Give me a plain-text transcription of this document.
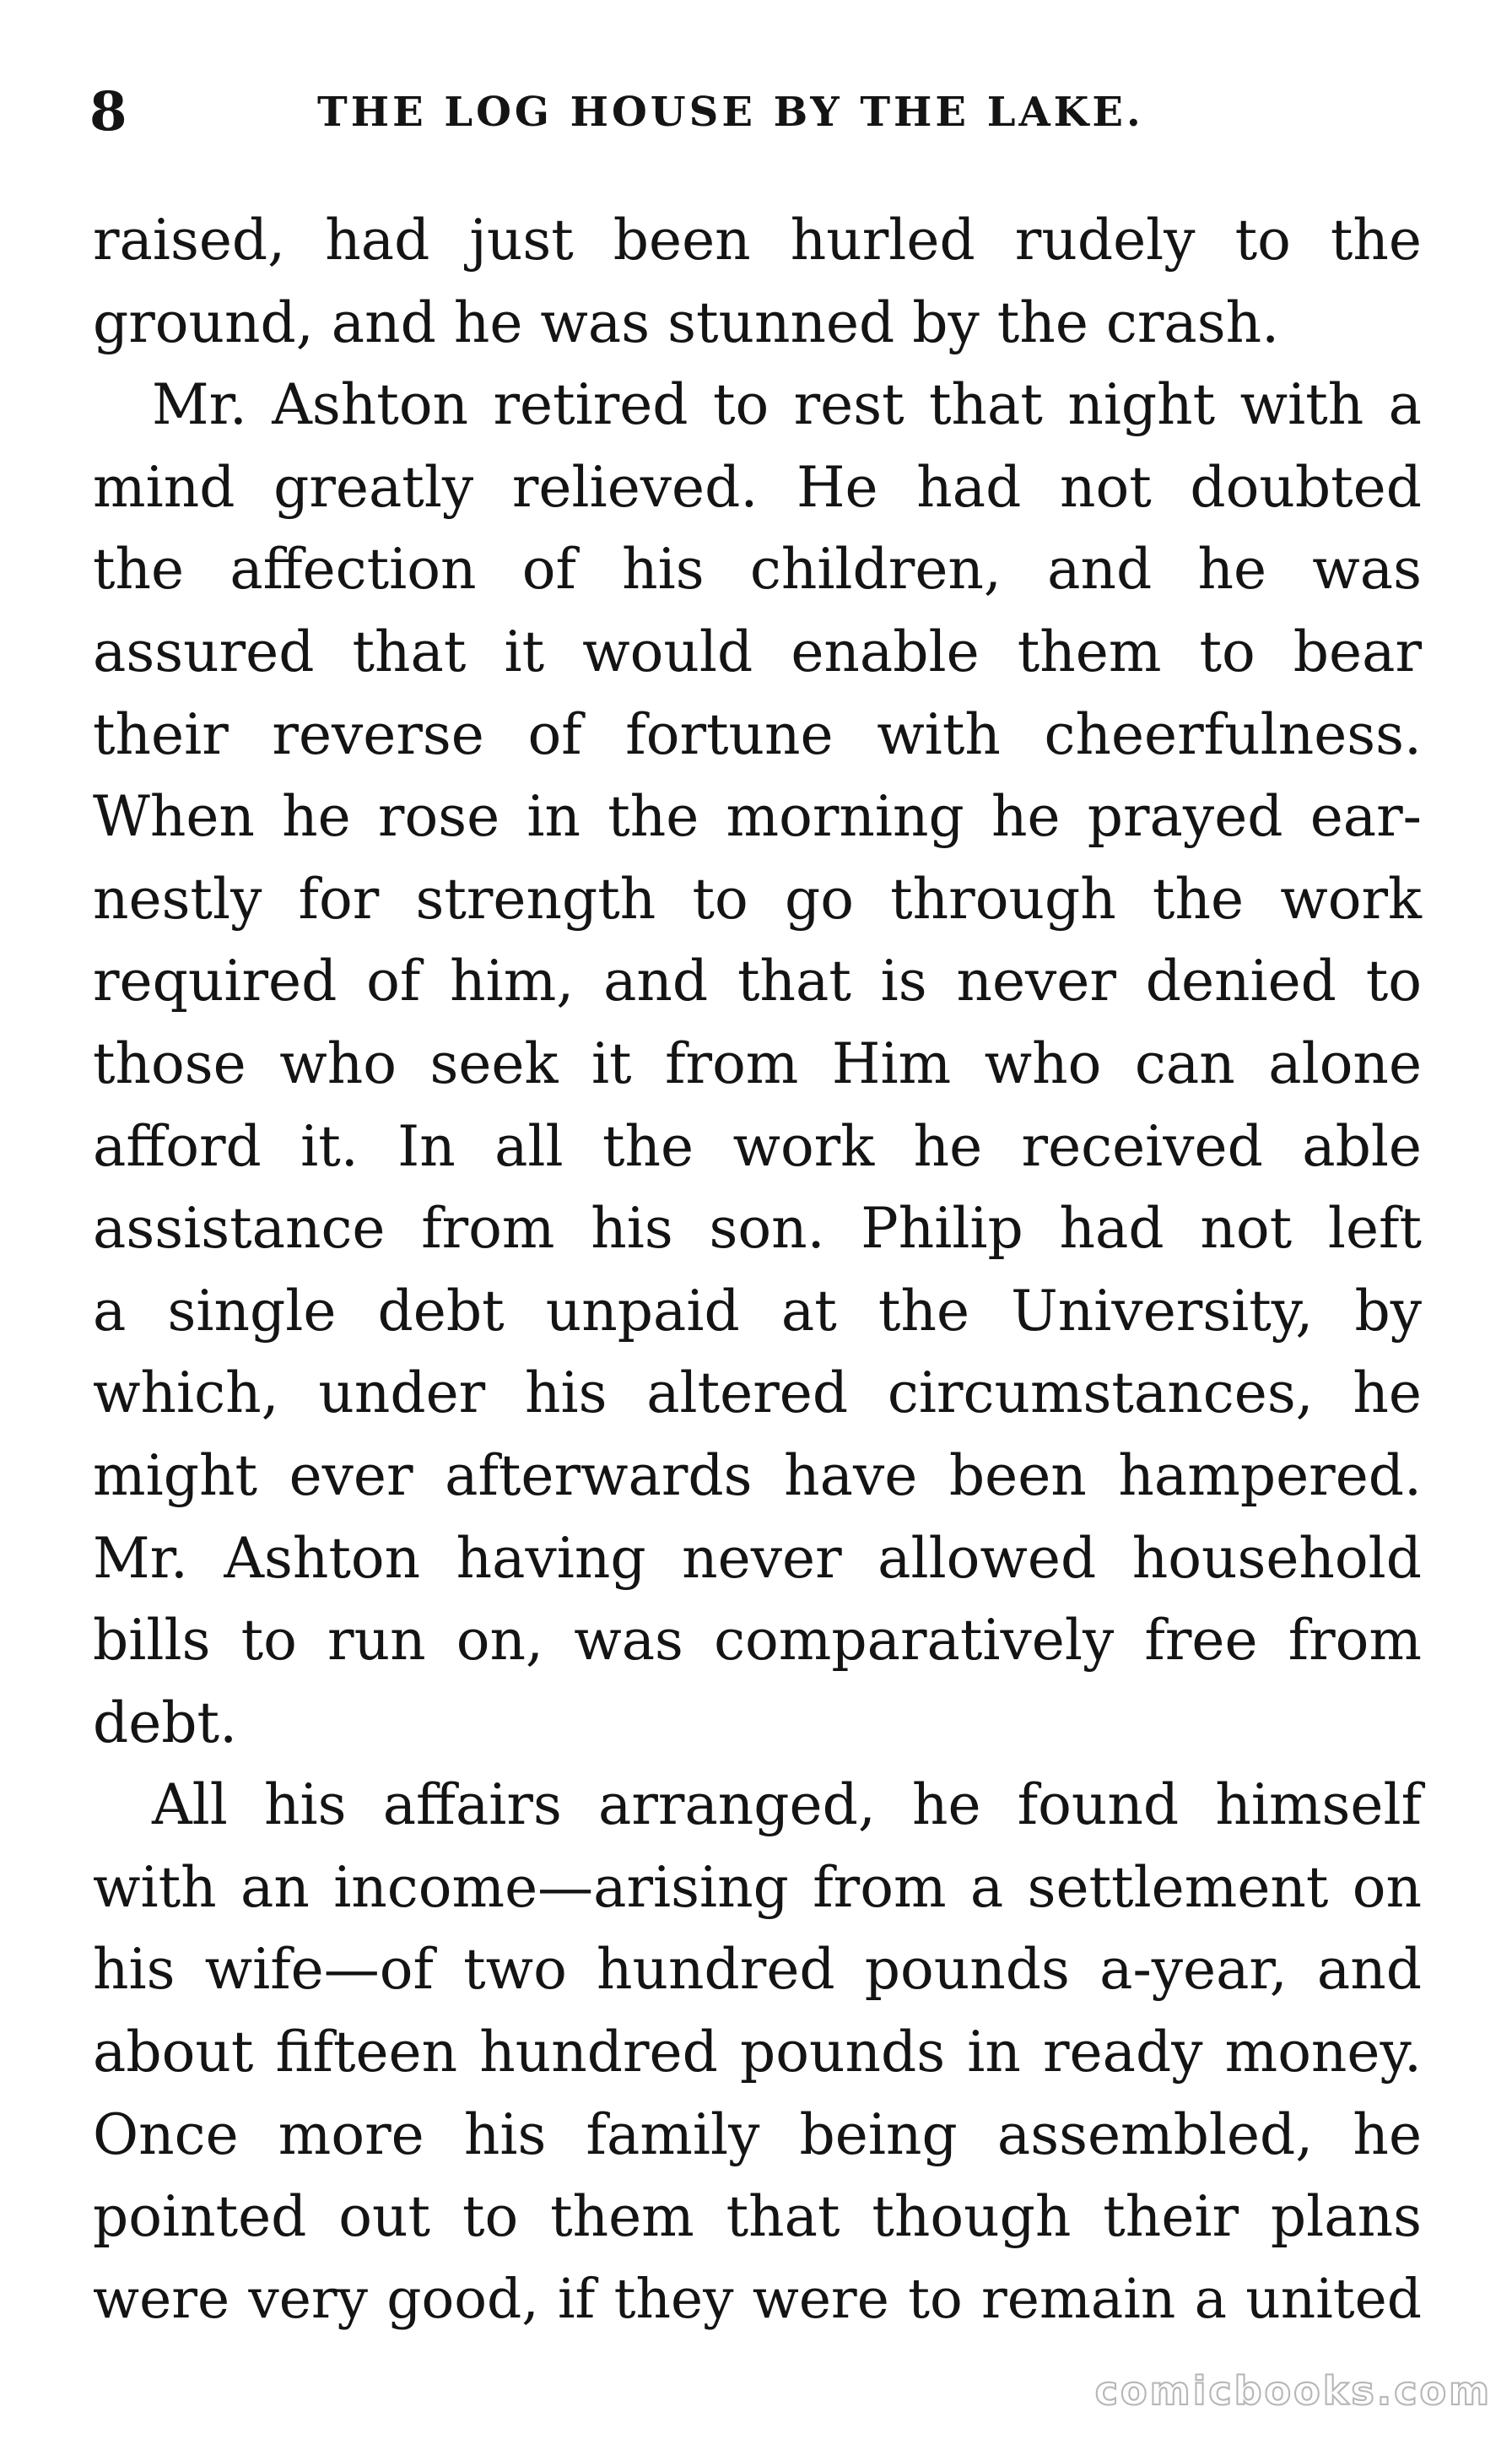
8	THE LOG HOUSE BY THE LAKE.
raised, had just been hurled rudely to the
ground, and he was stunned by the crash.
Mr. Ashton retired to rest that night with a
mind greatly relieved. He had not doubted
the affection of his children, and he was
assured that it would enable them to bear
their reverse of fortune with cheerfulness.
When he rose in the morning he prayed ear-
nestly for strength to go through the work
required of him, and that is never denied to
those who seek it from Him who can alone
afford it. In all the work he received able
assistance from his son. Philip had not left
a single debt unpaid at the University, by
which, under his altered circumstances, he
might ever afterwards have been hampered.
Mr. Ashton having never allowed household
bills to run on, was comparatively free from
debt.
All his affairs arranged, he found himself
with an income—arising from a settlement on
his wife—of two hundred pounds a-year, and
about fifteen hundred pounds in ready money.
Once more his family being assembled, he
pointed out to them that though their plans
were very good, if they were to remain a united
comicbooks.com
